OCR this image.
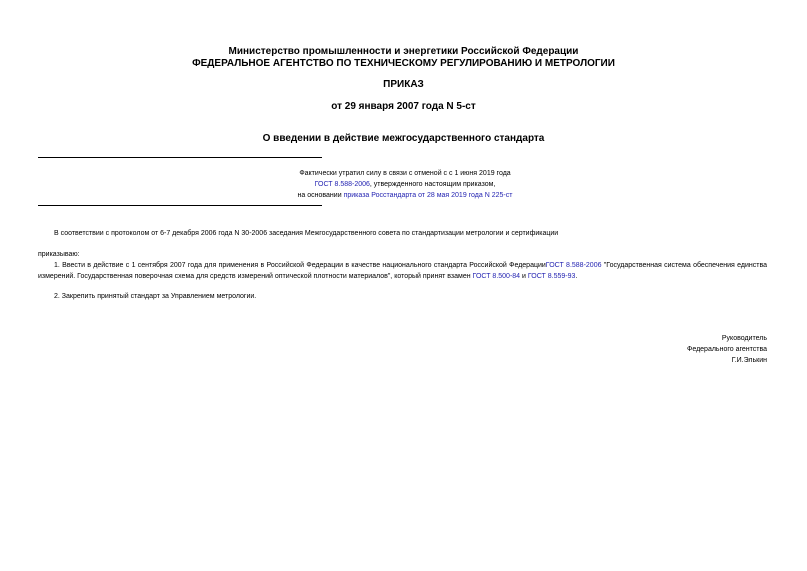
Министерство промышленности и энергетики Российской Федерации
ФЕДЕРАЛЬНОЕ АГЕНТСТВО ПО ТЕХНИЧЕСКОМУ РЕГУЛИРОВАНИЮ И МЕТРОЛОГИИ
ПРИКАЗ
от 29 января 2007 года N 5-ст
О введении в действие межгосударственного стандарта
Фактически утратил силу в связи с отменой с с 1 июня 2019 года
ГОСТ 8.588-2006, утвержденного настоящим приказом,
на основании приказа Росстандарта от 28 мая 2019 года N 225-ст
В соответствии с протоколом от 6-7 декабря 2006 года N 30-2006 заседания Межгосударственного совета по стандартизации метрологии и сертификации
приказываю:
1. Ввести в действие с 1 сентября 2007 года для применения в Российской Федерации в качестве национального стандарта Российской ФедерацииГОСТ 8.588-2006 "Государственная система обеспечения единства измерений. Государственная поверочная схема для средств измерений оптической плотности материалов", который принят взамен ГОСТ 8.500-84 и ГОСТ 8.559-93.
2. Закрепить принятый стандарт за Управлением метрологии.
Руководитель
Федерального агентства
Г.И.Элькин
